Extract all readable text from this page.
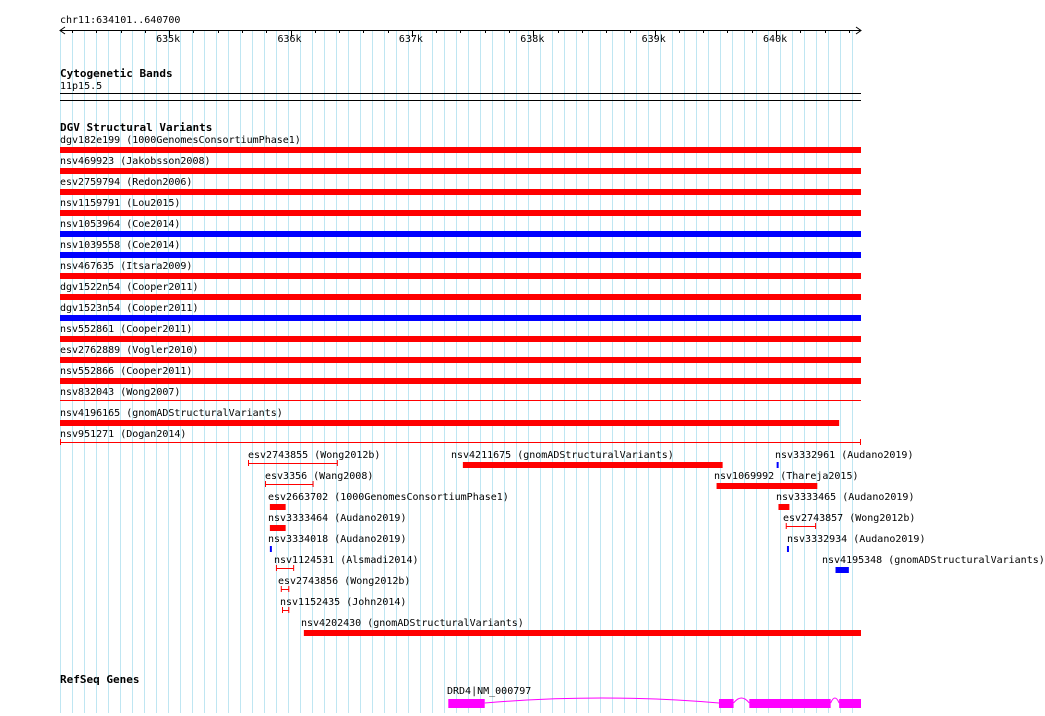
chr11:634101..640700
Cytogenetic Bands
11p15.5
DGV Structural Variants
RefSeq Genes
DRD4|NM_000797
635k	636k	637k	638k	639k	640k
dgv182e199 (1000GenomesConsortiumPhase1)
nsv469923 (Jakobsson2008)
esv2759794 (Redon2006)
nsv1159791 (Lou2015)
nsv1053964 (Coe2014)
nsv1039558 (Coe2014)
nsv467635 (Itsara2009)
dgv1522n54 (Cooper2011)
dgv1523n54 (Cooper2011)
nsv552861 (Cooper2011)
esv2762889 (Vogler2010)
nsv552866 (Cooper2011)
nsv832043 (Wong2007)
nsv4196165 (gnomADStructuralVariants)
nsv951271 (Dogan2014)
esv2743855 (Wong2012b)	nsv4211675 (gnomADStructuralVariants)	nsv3332961 (Audano2019)
esv3356 (Wang2008)	nsv1069992 (Thareja2015)
esv2663702 (1000GenomesConsortiumPhase1)	nsv3333465 (Audano2019)
nsv3333464 (Audano2019)	esv2743857 (Wong2012b)
nsv3334018 (Audano2019)	nsv3332934 (Audano2019)
nsv1124531 (Alsmadi2014)	nsv4195348 (gnomADStructuralVariants)
esv2743856 (Wong2012b)
nsv1152435 (John2014)
nsv4202430 (gnomADStructuralVariants)
